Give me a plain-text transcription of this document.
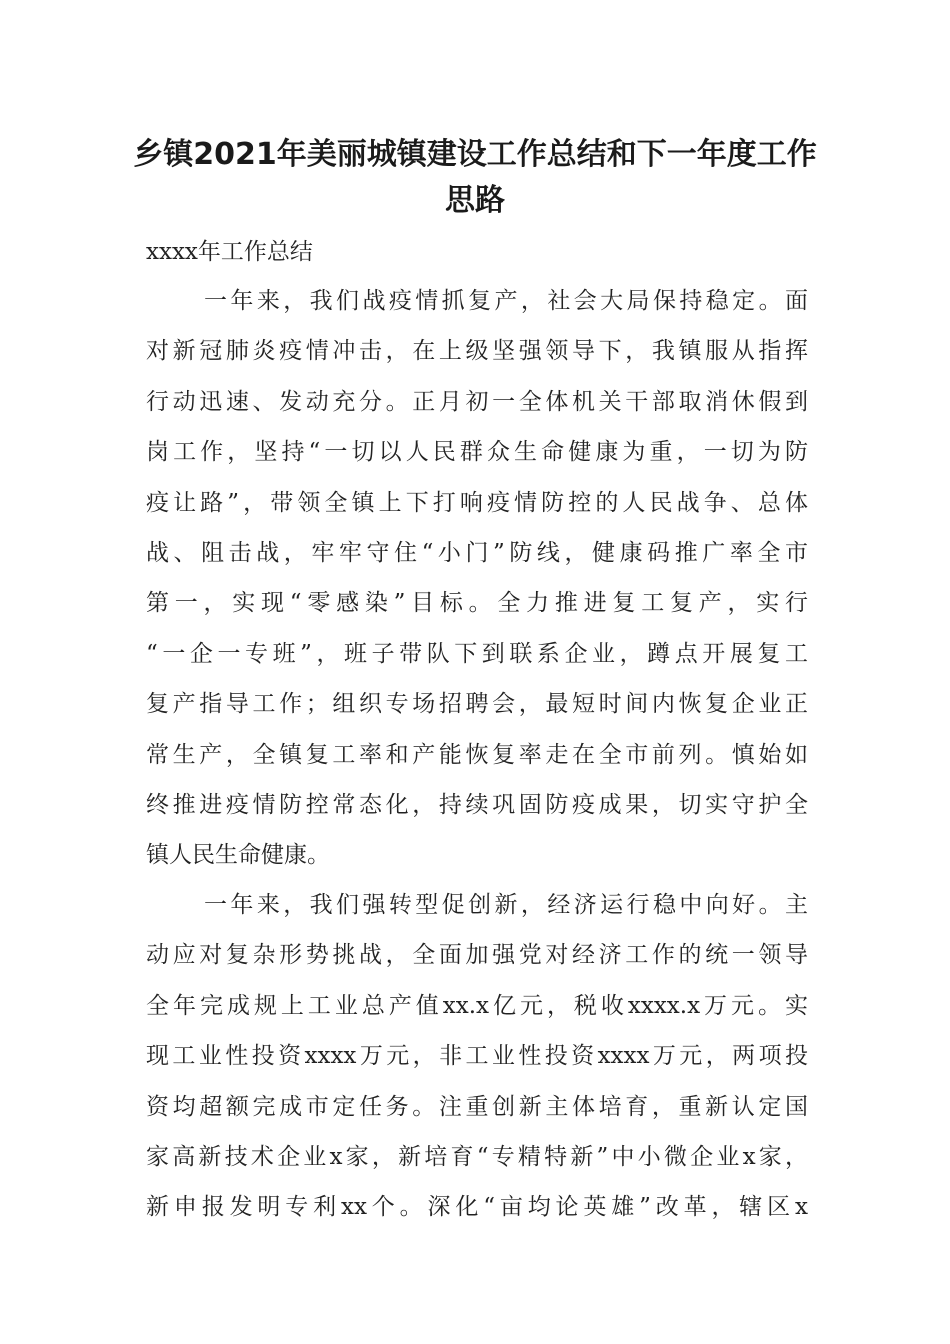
乡镇2021年美丽城镇建设工作总结和下一年度工作
思路

xxxx年工作总结

一年来，我们战疫情抓复产，社会大局保持稳定。面
对新冠肺炎疫情冲击，在上级坚强领导下，我镇服从指挥
行动迅速、发动充分。正月初一全体机关干部取消休假到
岗工作，坚持“一切以人民群众生命健康为重，一切为防
疫让路”，带领全镇上下打响疫情防控的人民战争、总体
战、阻击战，牢牢守住“小门”防线，健康码推广率全市
第一，实现“零感染”目标。全力推进复工复产，实行
“一企一专班”，班子带队下到联系企业，蹲点开展复工
复产指导工作；组织专场招聘会，最短时间内恢复企业正
常生产，全镇复工率和产能恢复率走在全市前列。慎始如
终推进疫情防控常态化，持续巩固防疫成果，切实守护全
镇人民生命健康。
一年来，我们强转型促创新，经济运行稳中向好。主
动应对复杂形势挑战，全面加强党对经济工作的统一领导
全年完成规上工业总产值xx.x亿元，税收xxxx.x万元。实
现工业性投资xxxx万元，非工业性投资xxxx万元，两项投
资均超额完成市定任务。注重创新主体培育，重新认定国
家高新技术企业x家，新培育“专精特新”中小微企业x家，
新申报发明专利xx个。深化“亩均论英雄”改革，辖区x
